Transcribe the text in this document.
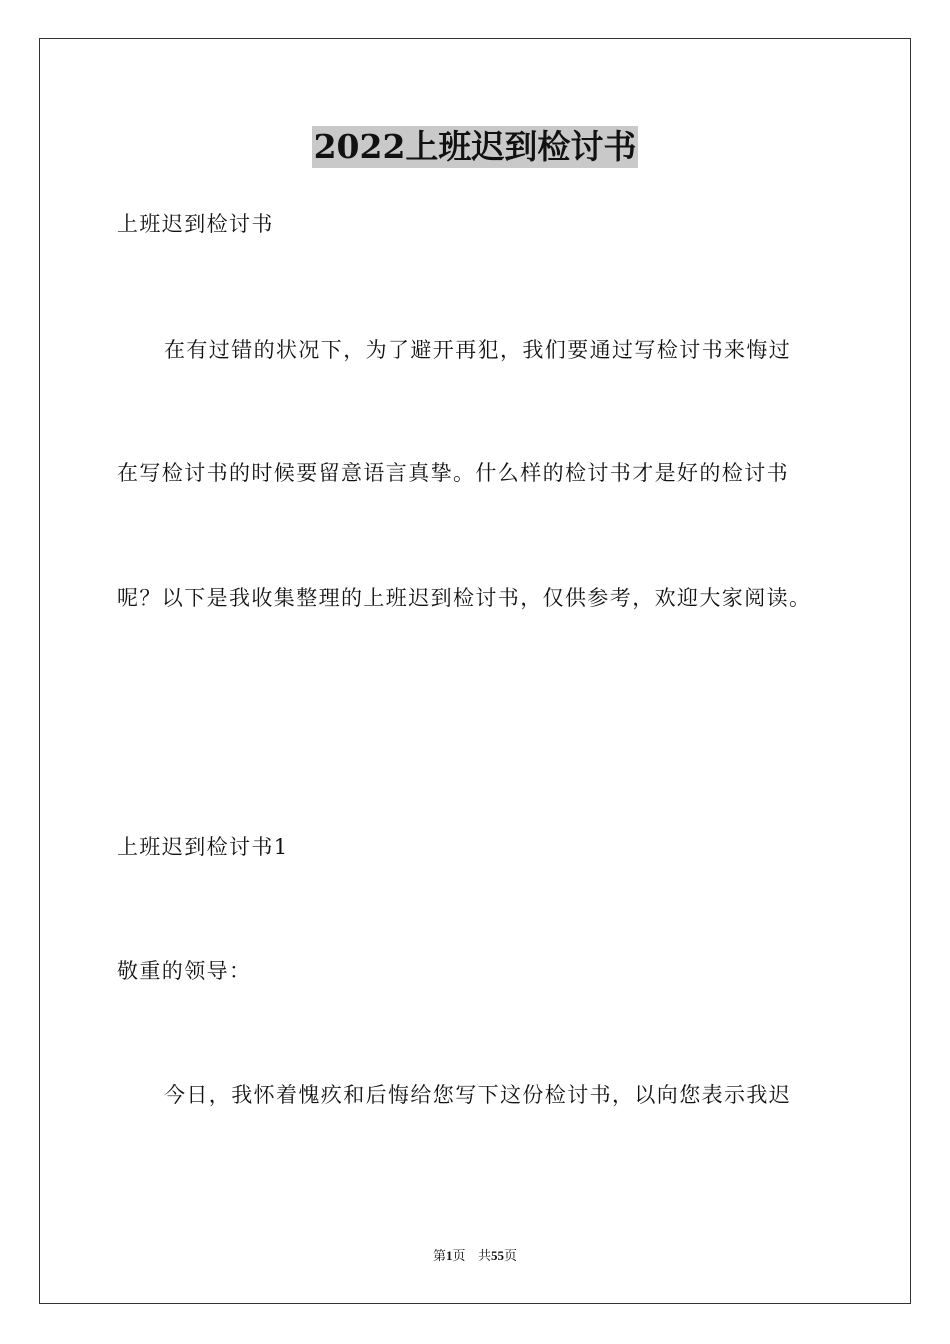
2022上班迟到检讨书
上班迟到检讨书
在有过错的状况下，为了避开再犯，我们要通过写检讨书来悔过
在写检讨书的时候要留意语言真挚。什么样的检讨书才是好的检讨书
呢？以下是我收集整理的上班迟到检讨书，仅供参考，欢迎大家阅读。
上班迟到检讨书1
敬重的领导：
今日，我怀着愧疚和后悔给您写下这份检讨书，以向您表示我迟
第1页 共55页
